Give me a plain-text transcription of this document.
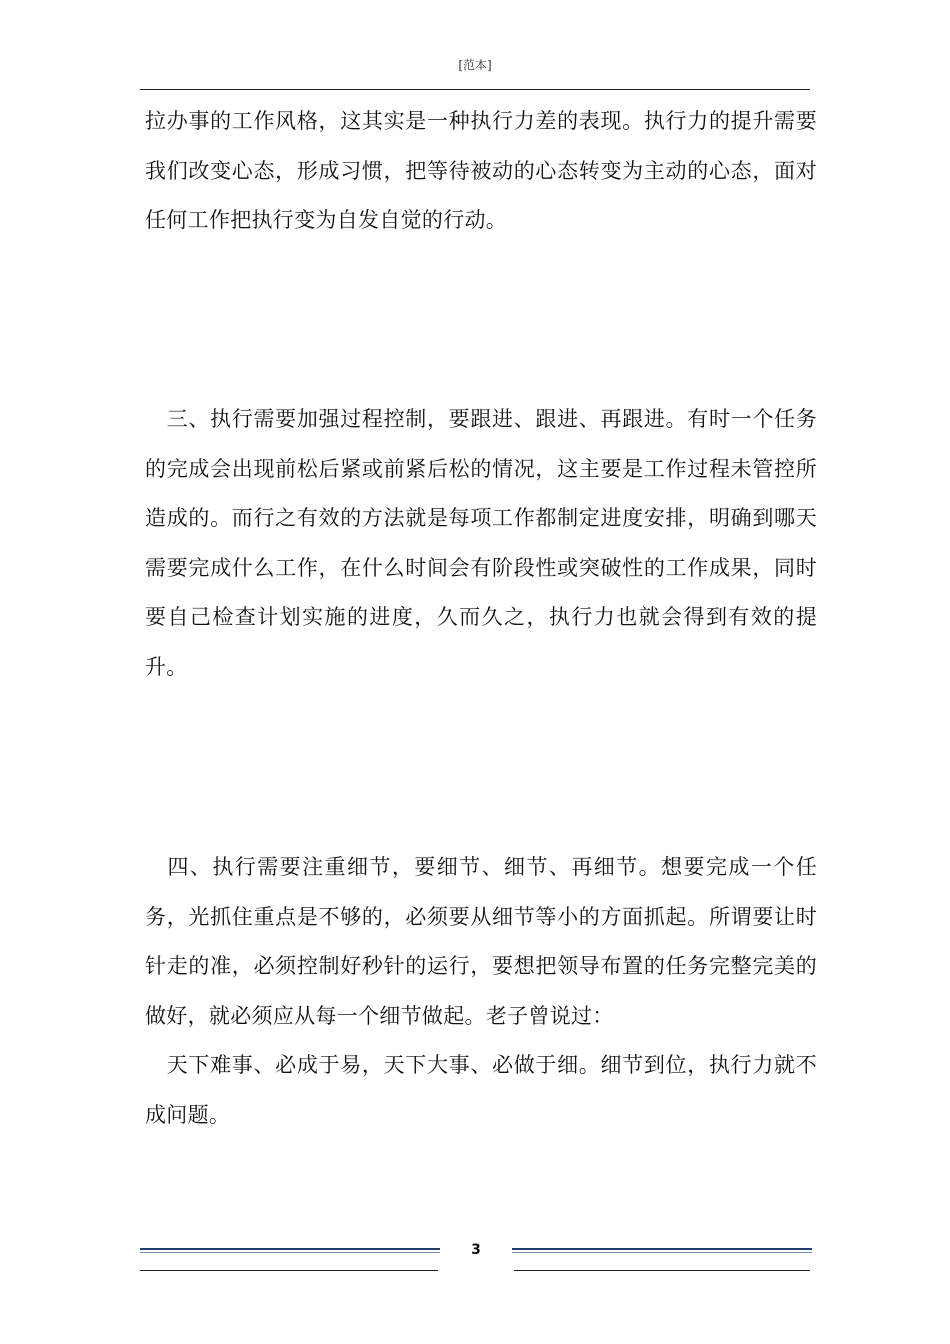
[范本]

拉办事的工作风格，这其实是一种执行力差的表现。执行力的提升需要我们改变心态，形成习惯，把等待被动的心态转变为主动的心态，面对任何工作把执行变为自发自觉的行动。

　三、执行需要加强过程控制，要跟进、跟进、再跟进。有时一个任务的完成会出现前松后紧或前紧后松的情况，这主要是工作过程未管控所造成的。而行之有效的方法就是每项工作都制定进度安排，明确到哪天需要完成什么工作，在什么时间会有阶段性或突破性的工作成果，同时要自己检查计划实施的进度，久而久之，执行力也就会得到有效的提升。

　四、执行需要注重细节，要细节、细节、再细节。想要完成一个任务，光抓住重点是不够的，必须要从细节等小的方面抓起。所谓要让时针走的准，必须控制好秒针的运行，要想把领导布置的任务完整完美的做好，就必须应从每一个细节做起。老子曾说过：

　天下难事、必成于易，天下大事、必做于细。细节到位，执行力就不成问题。

3
